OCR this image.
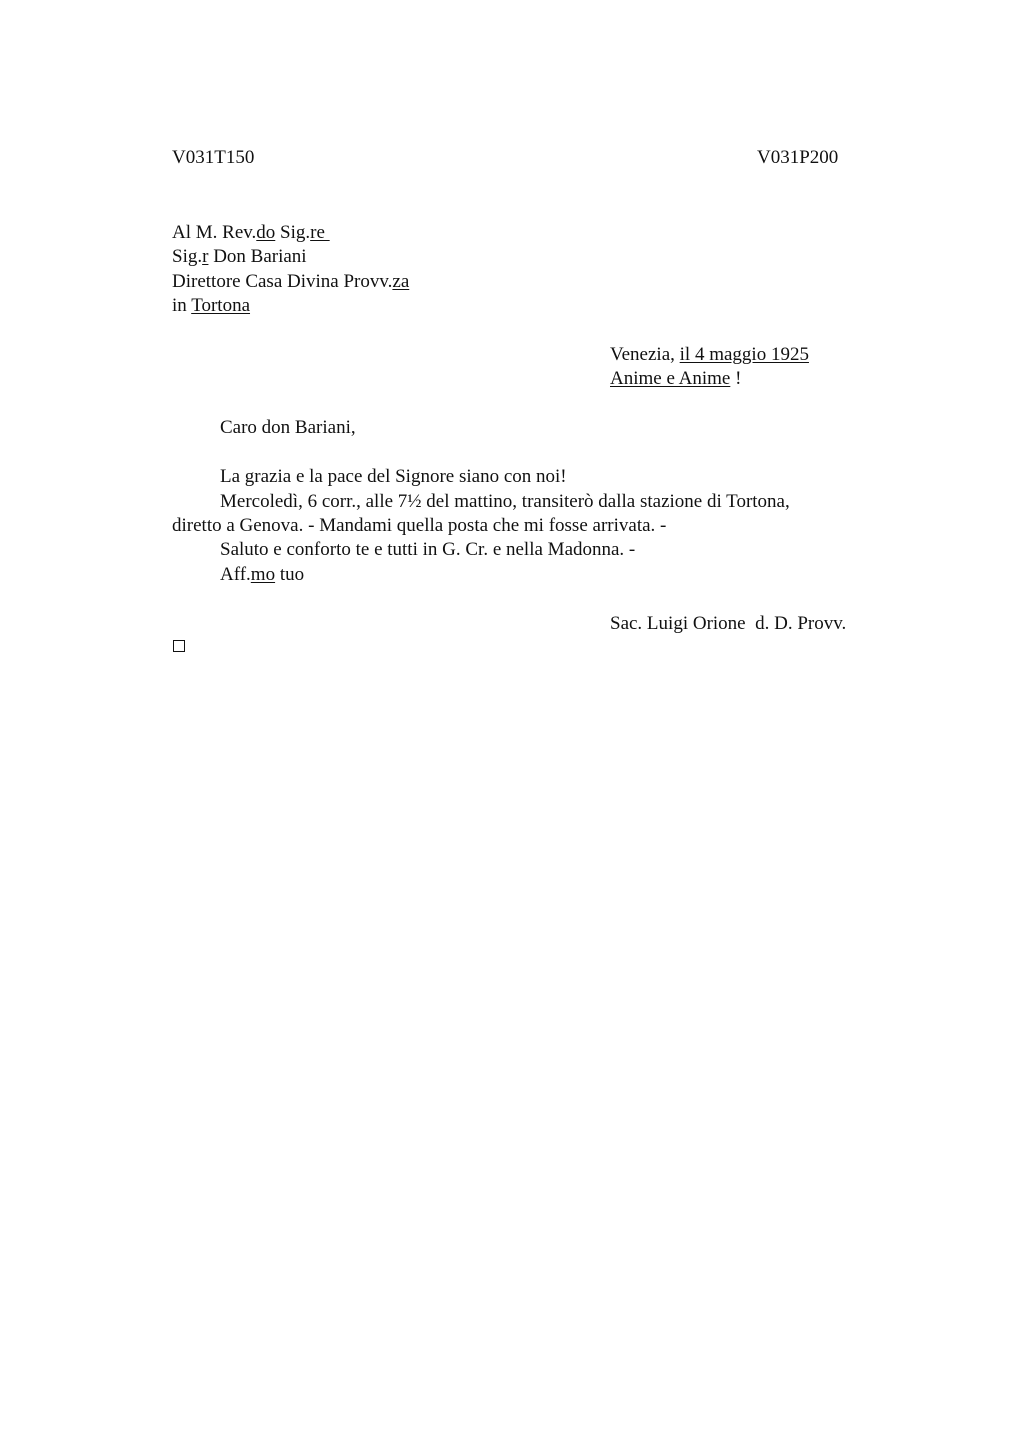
V031T150	V031P200
Al M. Rev.do Sig.re
Sig.r Don Bariani
Direttore Casa Divina Provv.za
in Tortona
Venezia, il 4 maggio 1925
Anime e Anime !
Caro don Bariani,
La grazia e la pace del Signore siano con noi!
Mercoledì, 6 corr., alle 7½ del mattino, transiterò dalla stazione di Tortona,
diretto a Genova. - Mandami quella posta che mi fosse arrivata. -
Saluto e conforto te e tutti in G. Cr. e nella Madonna. -
Aff.mo tuo
Sac. Luigi Orione  d. D. Provv.
